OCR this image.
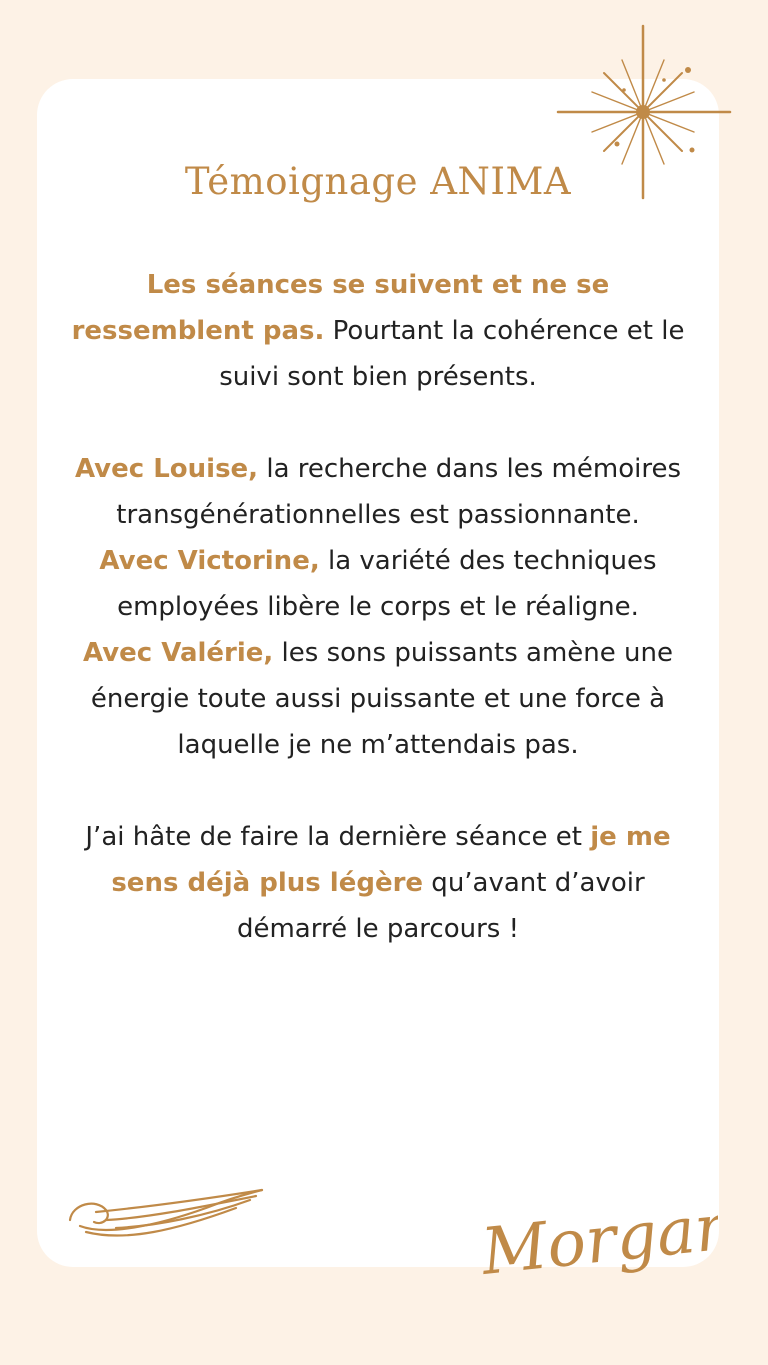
Témoignage ANIMA

Les séances se suivent et ne se ressemblent pas. Pourtant la cohérence et le suivi sont bien présents.

Avec Louise, la recherche dans les mémoires transgénérationnelles est passionnante.

Avec Victorine, la variété des techniques employées libère le corps et le réaligne.

Avec Valérie, les sons puissants amène une énergie toute aussi puissante et une force à laquelle je ne m’attendais pas.

J’ai hâte de faire la dernière séance et je me sens déjà plus légère qu’avant d’avoir démarré le parcours !

Morgan
